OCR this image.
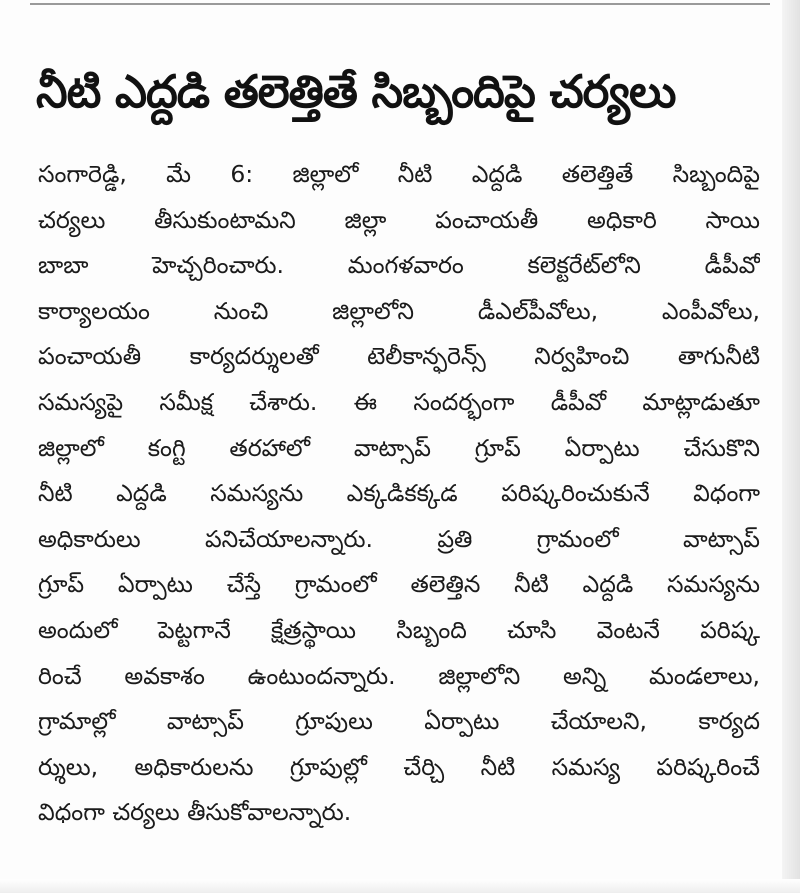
నీటి ఎద్దడి తలెత్తితే సిబ్బందిపై చర్యలు
సంగారెడ్డి, మే 6: జిల్లాలో నీటి ఎద్దడి తలెత్తితే సిబ్బందిపై
చర్యలు తీసుకుంటామని జిల్లా పంచాయతీ అధికారి సాయి
బాబా హెచ్చరించారు. మంగళవారం కలెక్టరేట్‌లోని డీపీవో
కార్యాలయం నుంచి జిల్లాలోని డీఎల్‌పీవోలు, ఎంపీవోలు,
పంచాయతీ కార్యదర్శులతో టెలీకాన్ఫరెన్స్ నిర్వహించి తాగునీటి
సమస్యపై సమీక్ష చేశారు. ఈ సందర్భంగా డీపీవో మాట్లాడుతూ
జిల్లాలో కంగ్టి తరహాలో వాట్సాప్ గ్రూప్ ఏర్పాటు చేసుకొని
నీటి ఎద్దడి సమస్యను ఎక్కడికక్కడ పరిష్కరించుకునే విధంగా
అధికారులు పనిచేయాలన్నారు. ప్రతి గ్రామంలో వాట్సాప్
గ్రూప్ ఏర్పాటు చేస్తే గ్రామంలో తలెత్తిన నీటి ఎద్దడి సమస్యను
అందులో పెట్టగానే క్షేత్రస్థాయి సిబ్బంది చూసి వెంటనే పరిష్క
రించే అవకాశం ఉంటుందన్నారు. జిల్లాలోని అన్ని మండలాలు,
గ్రామాల్లో వాట్సాప్ గ్రూపులు ఏర్పాటు చేయాలని, కార్యద
ర్శులు, అధికారులను గ్రూపుల్లో చేర్చి నీటి సమస్య పరిష్కరించే
విధంగా చర్యలు తీసుకోవాలన్నారు.
